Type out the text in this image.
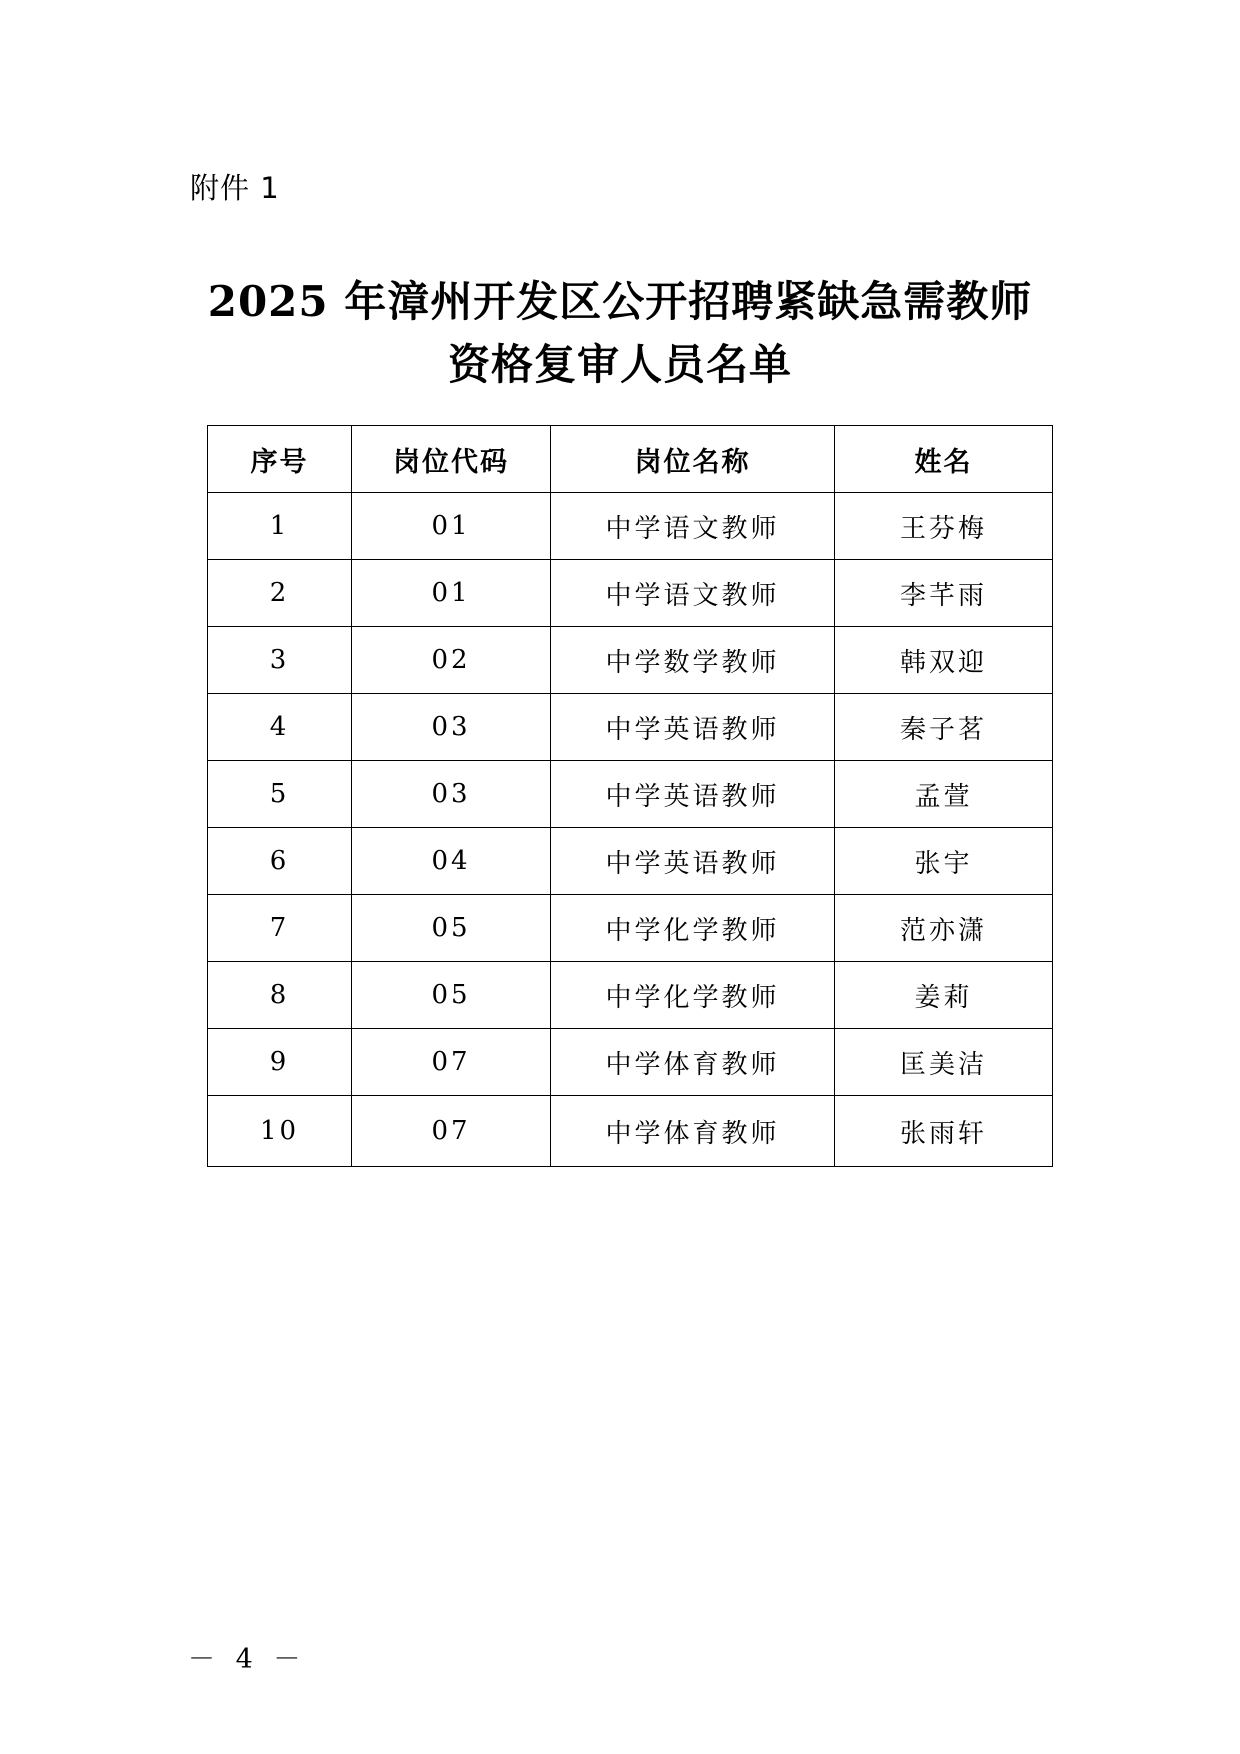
附件 1
2025 年漳州开发区公开招聘紧缺急需教师
资格复审人员名单
序号	岗位代码	岗位名称	姓名
1	01	中学语文教师	王芬梅
2	01	中学语文教师	李芊雨
3	02	中学数学教师	韩双迎
4	03	中学英语教师	秦子茗
5	03	中学英语教师	孟萱
6	04	中学英语教师	张宇
7	05	中学化学教师	范亦潇
8	05	中学化学教师	姜莉
9	07	中学体育教师	匡美洁
10	07	中学体育教师	张雨轩
－ 4 －
